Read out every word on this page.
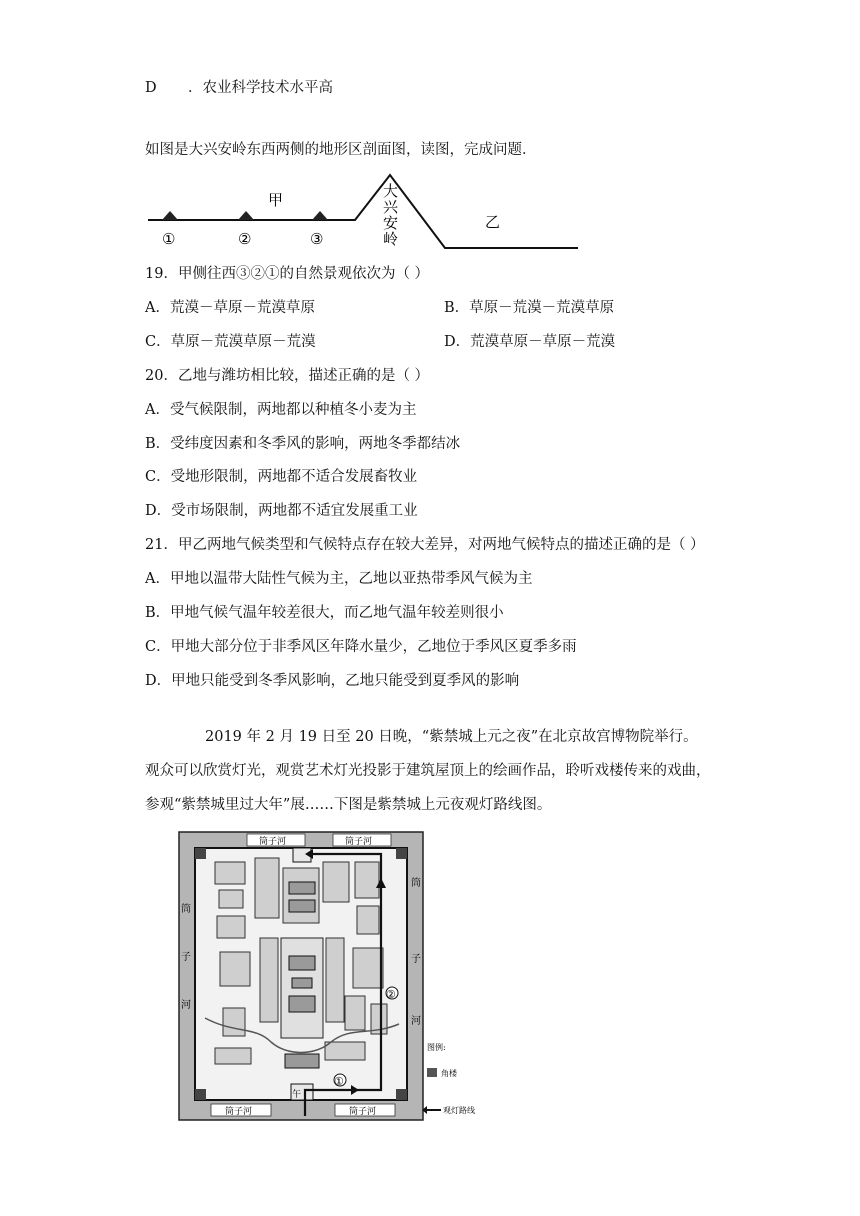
D ．农业科学技术水平高
如图是大兴安岭东西两侧的地形区剖面图，读图，完成问题．
①	②	③
甲
乙
大
兴
安
岭
19．甲侧往西③②①的自然景观依次为（ ）
A．荒漠－草原－荒漠草原	B．草原－荒漠－荒漠草原
C．草原－荒漠草原－荒漠	D．荒漠草原－草原－荒漠
20．乙地与潍坊相比较，描述正确的是（ ）
A．受气候限制，两地都以种植冬小麦为主
B．受纬度因素和冬季风的影响，两地冬季都结冰
C．受地形限制，两地都不适合发展畜牧业
D．受市场限制，两地都不适宜发展重工业
21．甲乙两地气候类型和气候特点存在较大差异，对两地气候特点的描述正确的是（ ）
A．甲地以温带大陆性气候为主，乙地以亚热带季风气候为主
B．甲地气候气温年较差很大，而乙地气温年较差则很小
C．甲地大部分位于非季风区年降水量少，乙地位于季风区夏季多雨
D．甲地只能受到冬季风影响，乙地只能受到夏季风的影响
2019 年 2 月 19 日至 20 日晚，“紫禁城上元之夜”在北京故宫博物院举行。
观众可以欣赏灯光，观赏艺术灯光投影于建筑屋顶上的绘画作品，聆听戏楼传来的戏曲，
参观“紫禁城里过大年”展……下图是紫禁城上元夜观灯路线图。
筒子河	筒子河
筒子河	筒子河
筒
子
河
筒
子
河
①
②
午
图例:
角楼
观灯路线
